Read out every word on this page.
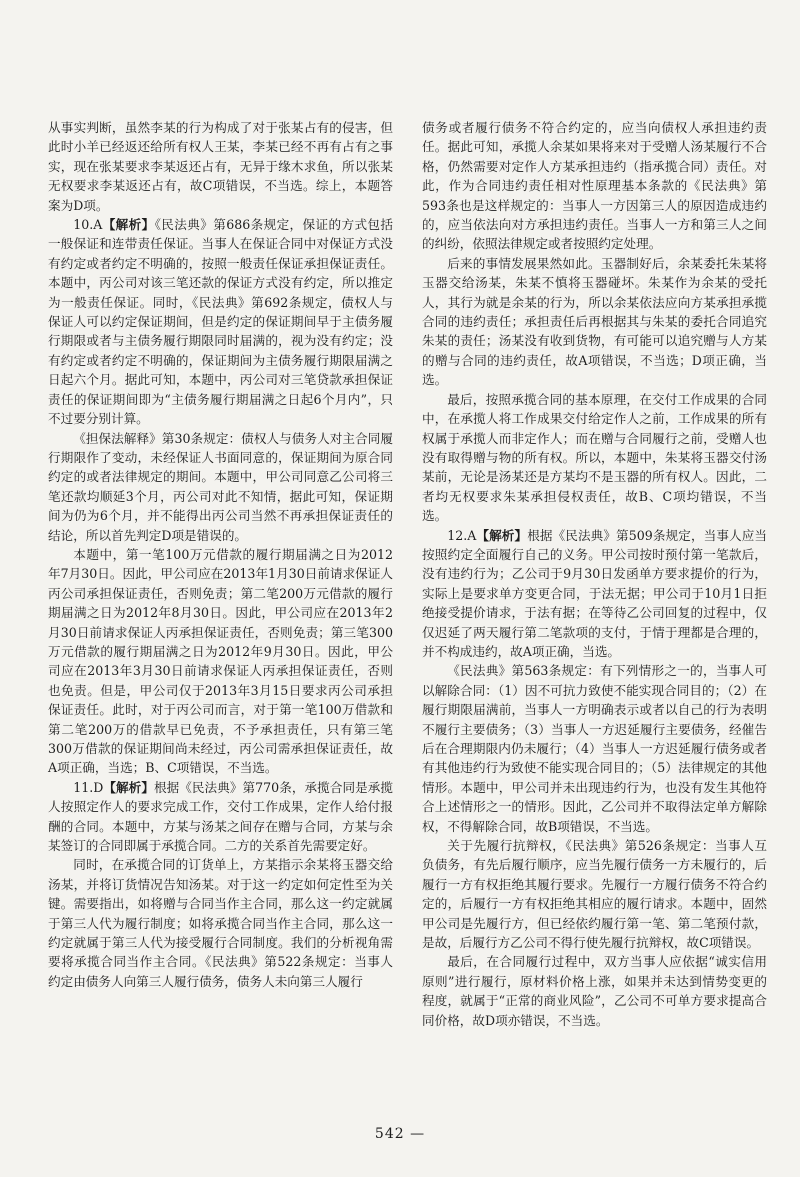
从事实判断，虽然李某的行为构成了对于张某占有的侵害，但此时小羊已经返还给所有权人王某，李某已经不再有占有之事实，现在张某要求李某返还占有，无异于缘木求鱼，所以张某无权要求李某返还占有，故C项错误，不当选。综上，本题答案为D项。

10.A【解析】《民法典》第686条规定，保证的方式包括一般保证和连带责任保证。当事人在保证合同中对保证方式没有约定或者约定不明确的，按照一般责任保证承担保证责任。本题中，丙公司对该三笔还款的保证方式没有约定，所以推定为一般责任保证。同时，《民法典》第692条规定，债权人与保证人可以约定保证期间，但是约定的保证期间早于主债务履行期限或者与主债务履行期限同时届满的，视为没有约定；没有约定或者约定不明确的，保证期间为主债务履行期限届满之日起六个月。据此可知，本题中，丙公司对三笔贷款承担保证责任的保证期间即为“主债务履行期届满之日起6个月内”，只不过要分别计算。

《担保法解释》第30条规定：债权人与债务人对主合同履行期限作了变动，未经保证人书面同意的，保证期间为原合同约定的或者法律规定的期间。本题中，甲公司同意乙公司将三笔还款均顺延3个月，丙公司对此不知情，据此可知，保证期间为仍为6个月，并不能得出丙公司当然不再承担保证责任的结论，所以首先判定D项是错误的。

本题中，第一笔100万元借款的履行期届满之日为2012年7月30日。因此，甲公司应在2013年1月30日前请求保证人丙公司承担保证责任，否则免责；第二笔200万元借款的履行期届满之日为2012年8月30日。因此，甲公司应在2013年2月30日前请求保证人丙承担保证责任，否则免责；第三笔300万元借款的履行期届满之日为2012年9月30日。因此，甲公司应在2013年3月30日前请求保证人丙承担保证责任，否则也免责。但是，甲公司仅于2013年3月15日要求丙公司承担保证责任。此时，对于丙公司而言，对于第一笔100万借款和第二笔200万的借款早已免责，不予承担责任，只有第三笔300万借款的保证期间尚未经过，丙公司需承担保证责任，故A项正确，当选；B、C项错误，不当选。

11.D【解析】根据《民法典》第770条，承揽合同是承揽人按照定作人的要求完成工作，交付工作成果，定作人给付报酬的合同。本题中，方某与汤某之间存在赠与合同，方某与余某签订的合同即属于承揽合同。二方的关系首先需要定好。

同时，在承揽合同的订货单上，方某指示余某将玉器交给汤某，并将订货情况告知汤某。对于这一约定如何定性至为关键。需要指出，如将赠与合同当作主合同，那么这一约定就属于第三人代为履行制度；如将承揽合同当作主合同，那么这一约定就属于第三人代为接受履行合同制度。我们的分析视角需要将承揽合同当作主合同。《民法典》第522条规定：当事人约定由债务人向第三人履行债务，债务人未向第三人履行

债务或者履行债务不符合约定的，应当向债权人承担违约责任。据此可知，承揽人余某如果将来对于受赠人汤某履行不合格，仍然需要对定作人方某承担违约（指承揽合同）责任。对此，作为合同违约责任相对性原理基本条款的《民法典》第593条也是这样规定的：当事人一方因第三人的原因造成违约的，应当依法向对方承担违约责任。当事人一方和第三人之间的纠纷，依照法律规定或者按照约定处理。

后来的事情发展果然如此。玉器制好后，余某委托朱某将玉器交给汤某，朱某不慎将玉器碰坏。朱某作为余某的受托人，其行为就是余某的行为，所以余某依法应向方某承担承揽合同的违约责任；承担责任后再根据其与朱某的委托合同追究朱某的责任；汤某没有收到货物，有可能可以追究赠与人方某的赠与合同的违约责任，故A项错误，不当选；D项正确，当选。

最后，按照承揽合同的基本原理，在交付工作成果的合同中，在承揽人将工作成果交付给定作人之前，工作成果的所有权属于承揽人而非定作人；而在赠与合同履行之前，受赠人也没有取得赠与物的所有权。所以，本题中，朱某将玉器交付汤某前，无论是汤某还是方某均不是玉器的所有权人。因此，二者均无权要求朱某承担侵权责任，故B、C项均错误，不当选。

12.A【解析】根据《民法典》第509条规定，当事人应当按照约定全面履行自己的义务。甲公司按时预付第一笔款后，没有违约行为；乙公司于9月30日发函单方要求提价的行为，实际上是要求单方变更合同，于法无据；甲公司于10月1日拒绝接受提价请求，于法有据；在等待乙公司回复的过程中，仅仅迟延了两天履行第二笔款项的支付，于情于理都是合理的，并不构成违约，故A项正确，当选。

《民法典》第563条规定：有下列情形之一的，当事人可以解除合同：（1）因不可抗力致使不能实现合同目的；（2）在履行期限届满前，当事人一方明确表示或者以自己的行为表明不履行主要债务；（3）当事人一方迟延履行主要债务，经催告后在合理期限内仍未履行；（4）当事人一方迟延履行债务或者有其他违约行为致使不能实现合同目的；（5）法律规定的其他情形。本题中，甲公司并未出现违约行为，也没有发生其他符合上述情形之一的情形。因此，乙公司并不取得法定单方解除权，不得解除合同，故B项错误，不当选。

关于先履行抗辩权，《民法典》第526条规定：当事人互负债务，有先后履行顺序，应当先履行债务一方未履行的，后履行一方有权拒绝其履行要求。先履行一方履行债务不符合约定的，后履行一方有权拒绝其相应的履行请求。本题中，固然甲公司是先履行方，但已经依约履行第一笔、第二笔预付款，是故，后履行方乙公司不得行使先履行抗辩权，故C项错误。

最后，在合同履行过程中，双方当事人应依据“诚实信用原则”进行履行，原材料价格上涨，如果并未达到情势变更的程度，就属于“正常的商业风险”，乙公司不可单方要求提高合同价格，故D项亦错误，不当选。

542 —
